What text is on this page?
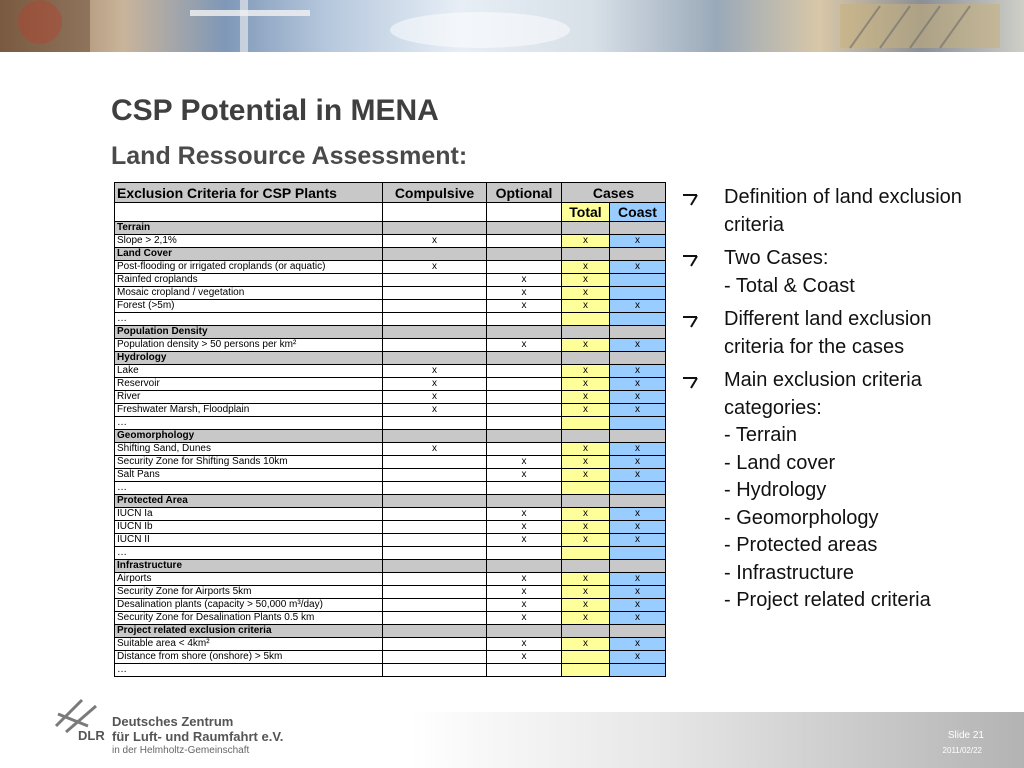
CSP Potential in MENA
Land Ressource Assessment:
Exclusion Criteria for CSP Plants	Compulsive	Optional	Cases	
			Total	Coast
Terrain				
Slope > 2,1%	x		x	x
Land Cover				
Post-flooding or irrigated croplands (or aquatic)	x		x	x
Rainfed croplands		x	x	
Mosaic cropland / vegetation		x	x	
Forest (>5m)		x	x	x
…				
Population Density				
Population density > 50 persons per km²		x	x	x
Hydrology				
Lake	x		x	x
Reservoir	x		x	x
River	x		x	x
Freshwater Marsh, Floodplain	x		x	x
…				
Geomorphology				
Shifting Sand, Dunes	x		x	x
Security Zone for Shifting Sands 10km		x	x	x
Salt Pans		x	x	x
…				
Protected Area				
IUCN Ia		x	x	x
IUCN Ib		x	x	x
IUCN II		x	x	x
…				
Infrastructure				
Airports		x	x	x
Security Zone for Airports 5km		x	x	x
Desalination plants (capacity > 50,000 m³/day)		x	x	x
Security Zone for Desalination Plants 0.5 km		x	x	x
Project related exclusion criteria				
Suitable area < 4km²		x	x	x
Distance from shore (onshore) > 5km		x		x
…				
Definition of land exclusion
criteria
Two Cases:
- Total & Coast
Different land exclusion
criteria for the cases
Main exclusion criteria
categories:
- Terrain
- Land cover
- Hydrology
- Geomorphology
- Protected areas
- Infrastructure
- Project related criteria
DLR
Deutsches Zentrum
für Luft- und Raumfahrt e.V.
in der Helmholtz-Gemeinschaft
Slide 21
2011/02/22
